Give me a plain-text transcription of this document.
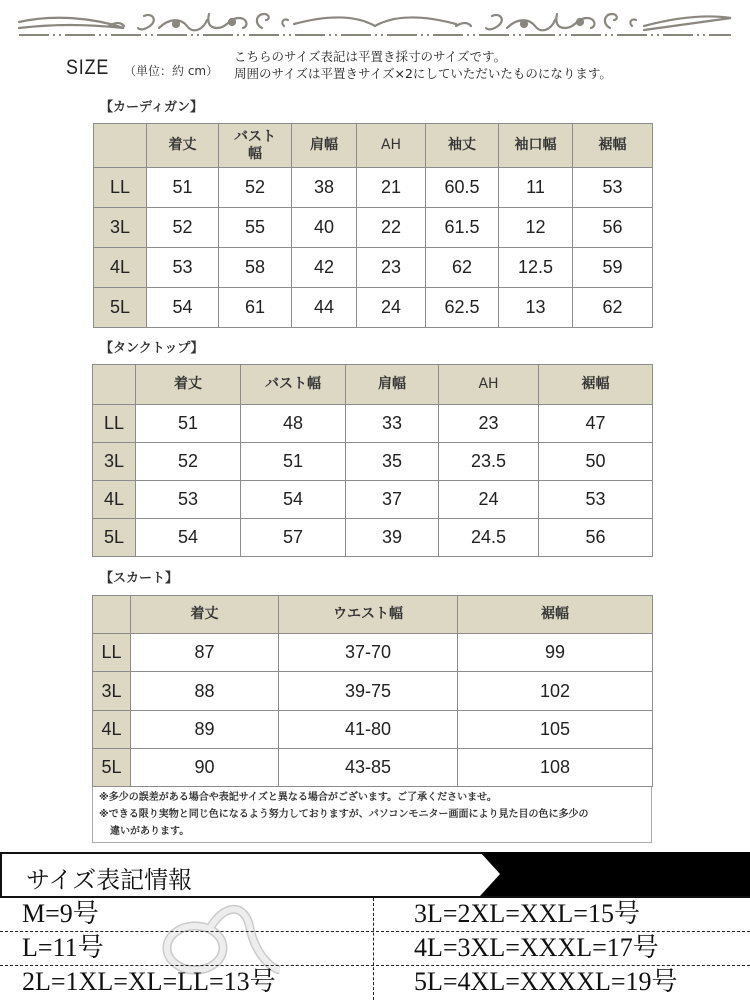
SIZE （単位：約 cm）
こちらのサイズ表記は平置き採寸のサイズです。
周囲のサイズは平置きサイズ×2にしていただいたものになります。
【カーディガン】
	着丈	バスト幅	肩幅	AH	袖丈	袖口幅	裾幅
LL	51	52	38	21	60.5	11	53
3L	52	55	40	22	61.5	12	56
4L	53	58	42	23	62	12.5	59
5L	54	61	44	24	62.5	13	62
【タンクトップ】
	着丈	バスト幅	肩幅	AH	裾幅
LL	51	48	33	23	47
3L	52	51	35	23.5	50
4L	53	54	37	24	53
5L	54	57	39	24.5	56
【スカート】
	着丈	ウエスト幅	裾幅
LL	87	37-70	99
3L	88	39-75	102
4L	89	41-80	105
5L	90	43-85	108
※多少の誤差がある場合や表記サイズと異なる場合がございます。ご了承くださいませ。
※できる限り実物と同じ色になるよう努力しておりますが、パソコンモニター画面により見た目の色に多少の
違いがあります。
サイズ表記情報
M=9号
L=11号
2L=1XL=XL=LL=13号
3L=2XL=XXL=15号
4L=3XL=XXXL=17号
5L=4XL=XXXXL=19号
